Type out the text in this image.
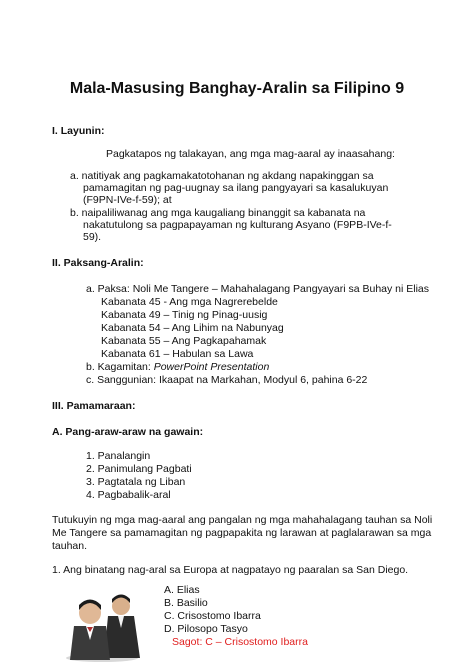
Mala-Masusing Banghay-Aralin sa Filipino 9
I. Layunin:
Pagkatapos ng talakayan, ang mga mag-aaral ay inaasahang:
a. natitiyak ang pagkamakatotohanan ng akdang napakinggan sa
pamamagitan ng pag-uugnay sa ilang pangyayari sa kasalukuyan
(F9PN-IVe-f-59); at
b. naipaliliwanag ang mga kaugaliang binanggit sa kabanata na
nakatutulong sa pagpapayaman ng kulturang Asyano (F9PB-IVe-f-
59).
II. Paksang-Aralin:
a. Paksa: Noli Me Tangere – Mahahalagang Pangyayari sa Buhay ni Elias
Kabanata 45 - Ang mga Nagrerebelde
Kabanata 49 – Tinig ng Pinag-uusig
Kabanata 54 – Ang Lihim na Nabunyag
Kabanata 55 – Ang Pagkapahamak
Kabanata 61 – Habulan sa Lawa
b. Kagamitan: PowerPoint Presentation
c. Sanggunian: Ikaapat na Markahan, Modyul 6, pahina 6-22
III. Pamamaraan:
A. Pang-araw-araw na gawain:
1. Panalangin
2. Panimulang Pagbati
3. Pagtatala ng Liban
4. Pagbabalik-aral
Tutukuyin ng mga mag-aaral ang pangalan ng mga mahahalagang tauhan sa Noli
Me Tangere sa pamamagitan ng pagpapakita ng larawan at paglalarawan sa mga
tauhan.
1. Ang binatang nag-aral sa Europa at nagpatayo ng paaralan sa San Diego.
A. Elias
B. Basilio
C. Crisostomo Ibarra
D. Pilosopo Tasyo
Sagot: C – Crisostomo Ibarra
